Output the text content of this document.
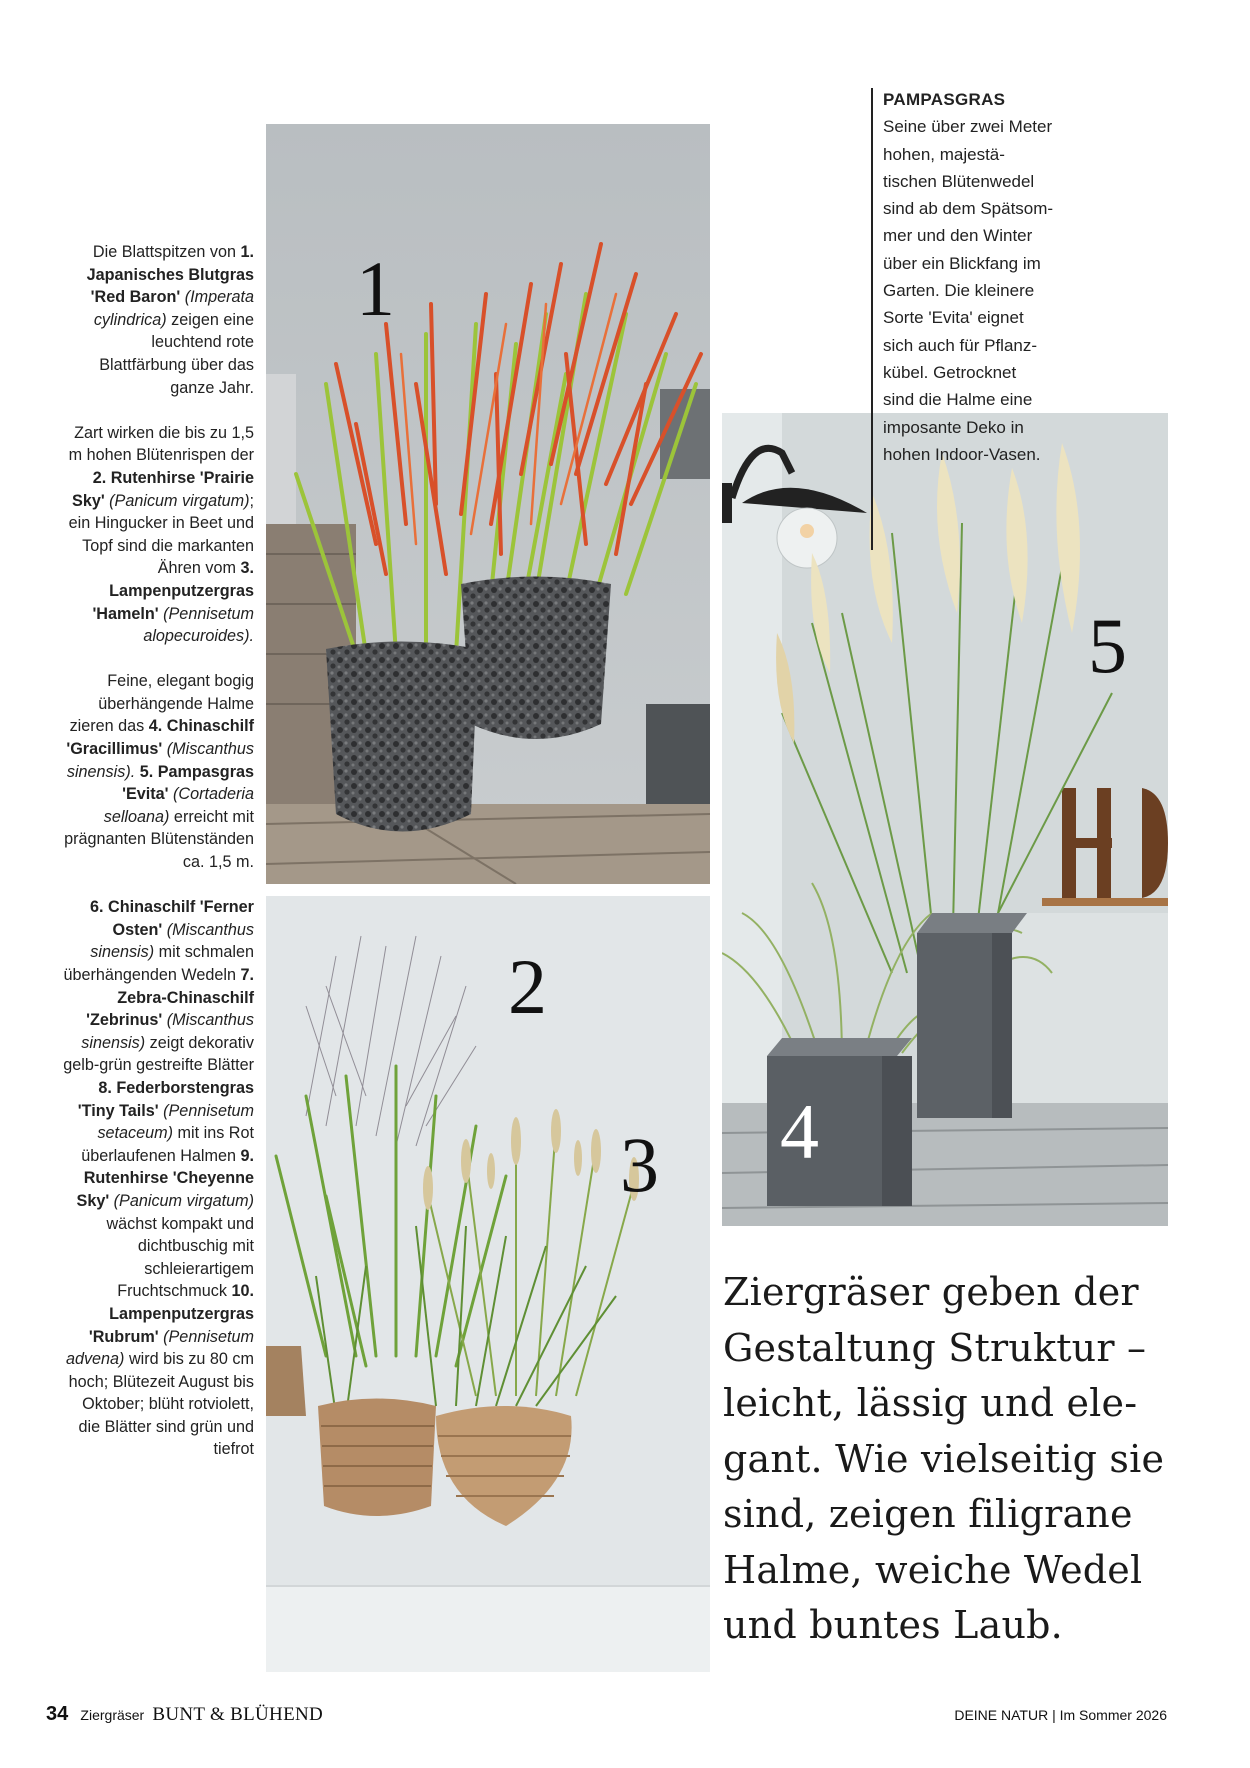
Die Blattspitzen von 1. Japanisches Blutgras 'Red Baron' (Imperata cylindrica) zeigen eine leuchtend rote Blattfärbung über das ganze Jahr.

Zart wirken die bis zu 1,5 m hohen Blütenrispen der 2. Rutenhirse 'Prairie Sky' (Panicum virgatum); ein Hingucker in Beet und Topf sind die markanten Ähren vom 3. Lampenputzergras 'Hameln' (Pennisetum alopecuroides).

Feine, elegant bogig überhängende Halme zieren das 4. Chinaschilf 'Gracillimus' (Miscanthus sinensis). 5. Pampasgras 'Evita' (Cortaderia selloana) erreicht mit prägnanten Blütenständen ca. 1,5 m.

6. Chinaschilf 'Ferner Osten' (Miscanthus sinensis) mit schmalen überhängenden Wedeln 7. Zebra-Chinaschilf 'Zebrinus' (Miscanthus sinensis) zeigt dekorativ gelb-grün gestreifte Blätter 8. Federborstengras 'Tiny Tails' (Pennisetum setaceum) mit ins Rot überlaufenen Halmen 9. Rutenhirse 'Cheyenne Sky' (Panicum virgatum) wächst kompakt und dichtbuschig mit schleierartigem Fruchtschmuck 10. Lampenputzergras 'Rubrum' (Pennisetum advena) wird bis zu 80 cm hoch; Blütezeit August bis Oktober; blüht rotviolett, die Blätter sind grün und tiefrot

1
2
3
5
4
PAMPASGRAS
Seine über zwei Meter
hohen, majestä-
tischen Blütenwedel
sind ab dem Spätsom-
mer und den Winter
über ein Blickfang im
Garten. Die kleinere
Sorte 'Evita' eignet
sich auch für Pflanz-
kübel. Getrocknet
sind die Halme eine
imposante Deko in
hohen Indoor-Vasen.
Ziergräser geben der
Gestaltung Struktur –
leicht, lässig und ele-
gant. Wie vielseitig sie
sind, zeigen filigrane
Halme, weiche Wedel
und buntes Laub.
34 Ziergräser BUNT & BLÜHEND	DEINE NATUR | Im Sommer 2026
